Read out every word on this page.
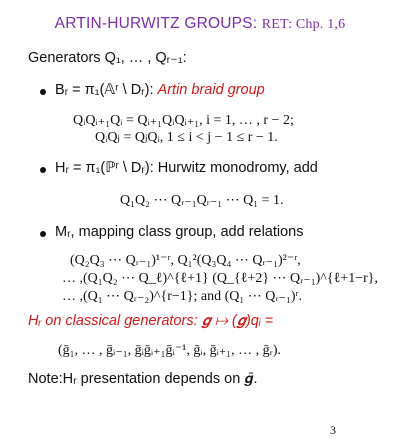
ARTIN-HURWITZ GROUPS: RET: Chp. 1,6
Generators Q₁, … , Qᵣ₋₁:
Bᵣ = π₁(𝔸ʳ \ Dᵣ): Artin braid group
QᵢQᵢ₊₁Qᵢ = Qᵢ₊₁QᵢQᵢ₊₁, i = 1, … , r − 2;
QᵢQⱼ = QⱼQᵢ, 1 ≤ i < j − 1 ≤ r − 1.
Hᵣ = π₁(ℙʳ \ Dᵣ): Hurwitz monodromy, add
Q₁Q₂ ⋯ Qᵣ₋₁Qᵣ₋₁ ⋯ Q₁ = 1.
Mᵣ, mapping class group, add relations
(Q₂Q₃ ⋯ Qᵣ₋₁)¹⁻ʳ, Q₁²(Q₃Q₄ ⋯ Qᵣ₋₁)²⁻ʳ,
… ,(Q₁Q₂ ⋯ Q_ℓ)^{ℓ+1} (Q_{ℓ+2} ⋯ Qᵣ₋₁)^{ℓ+1−r},
… ,(Q₁ ⋯ Qᵣ₋₂)^{r−1}; and (Q₁ ⋯ Qᵣ₋₁)ʳ.
Hᵣ on classical generators: 𝒈 ↦ (𝒈)qᵢ =
(ḡ₁, … , ḡᵢ₋₁, ḡᵢḡᵢ₊₁ḡᵢ⁻¹, ḡᵢ, ḡᵢ₊₁, … , ḡᵣ).
Note:Hᵣ presentation depends on 𝒈̄.
3
